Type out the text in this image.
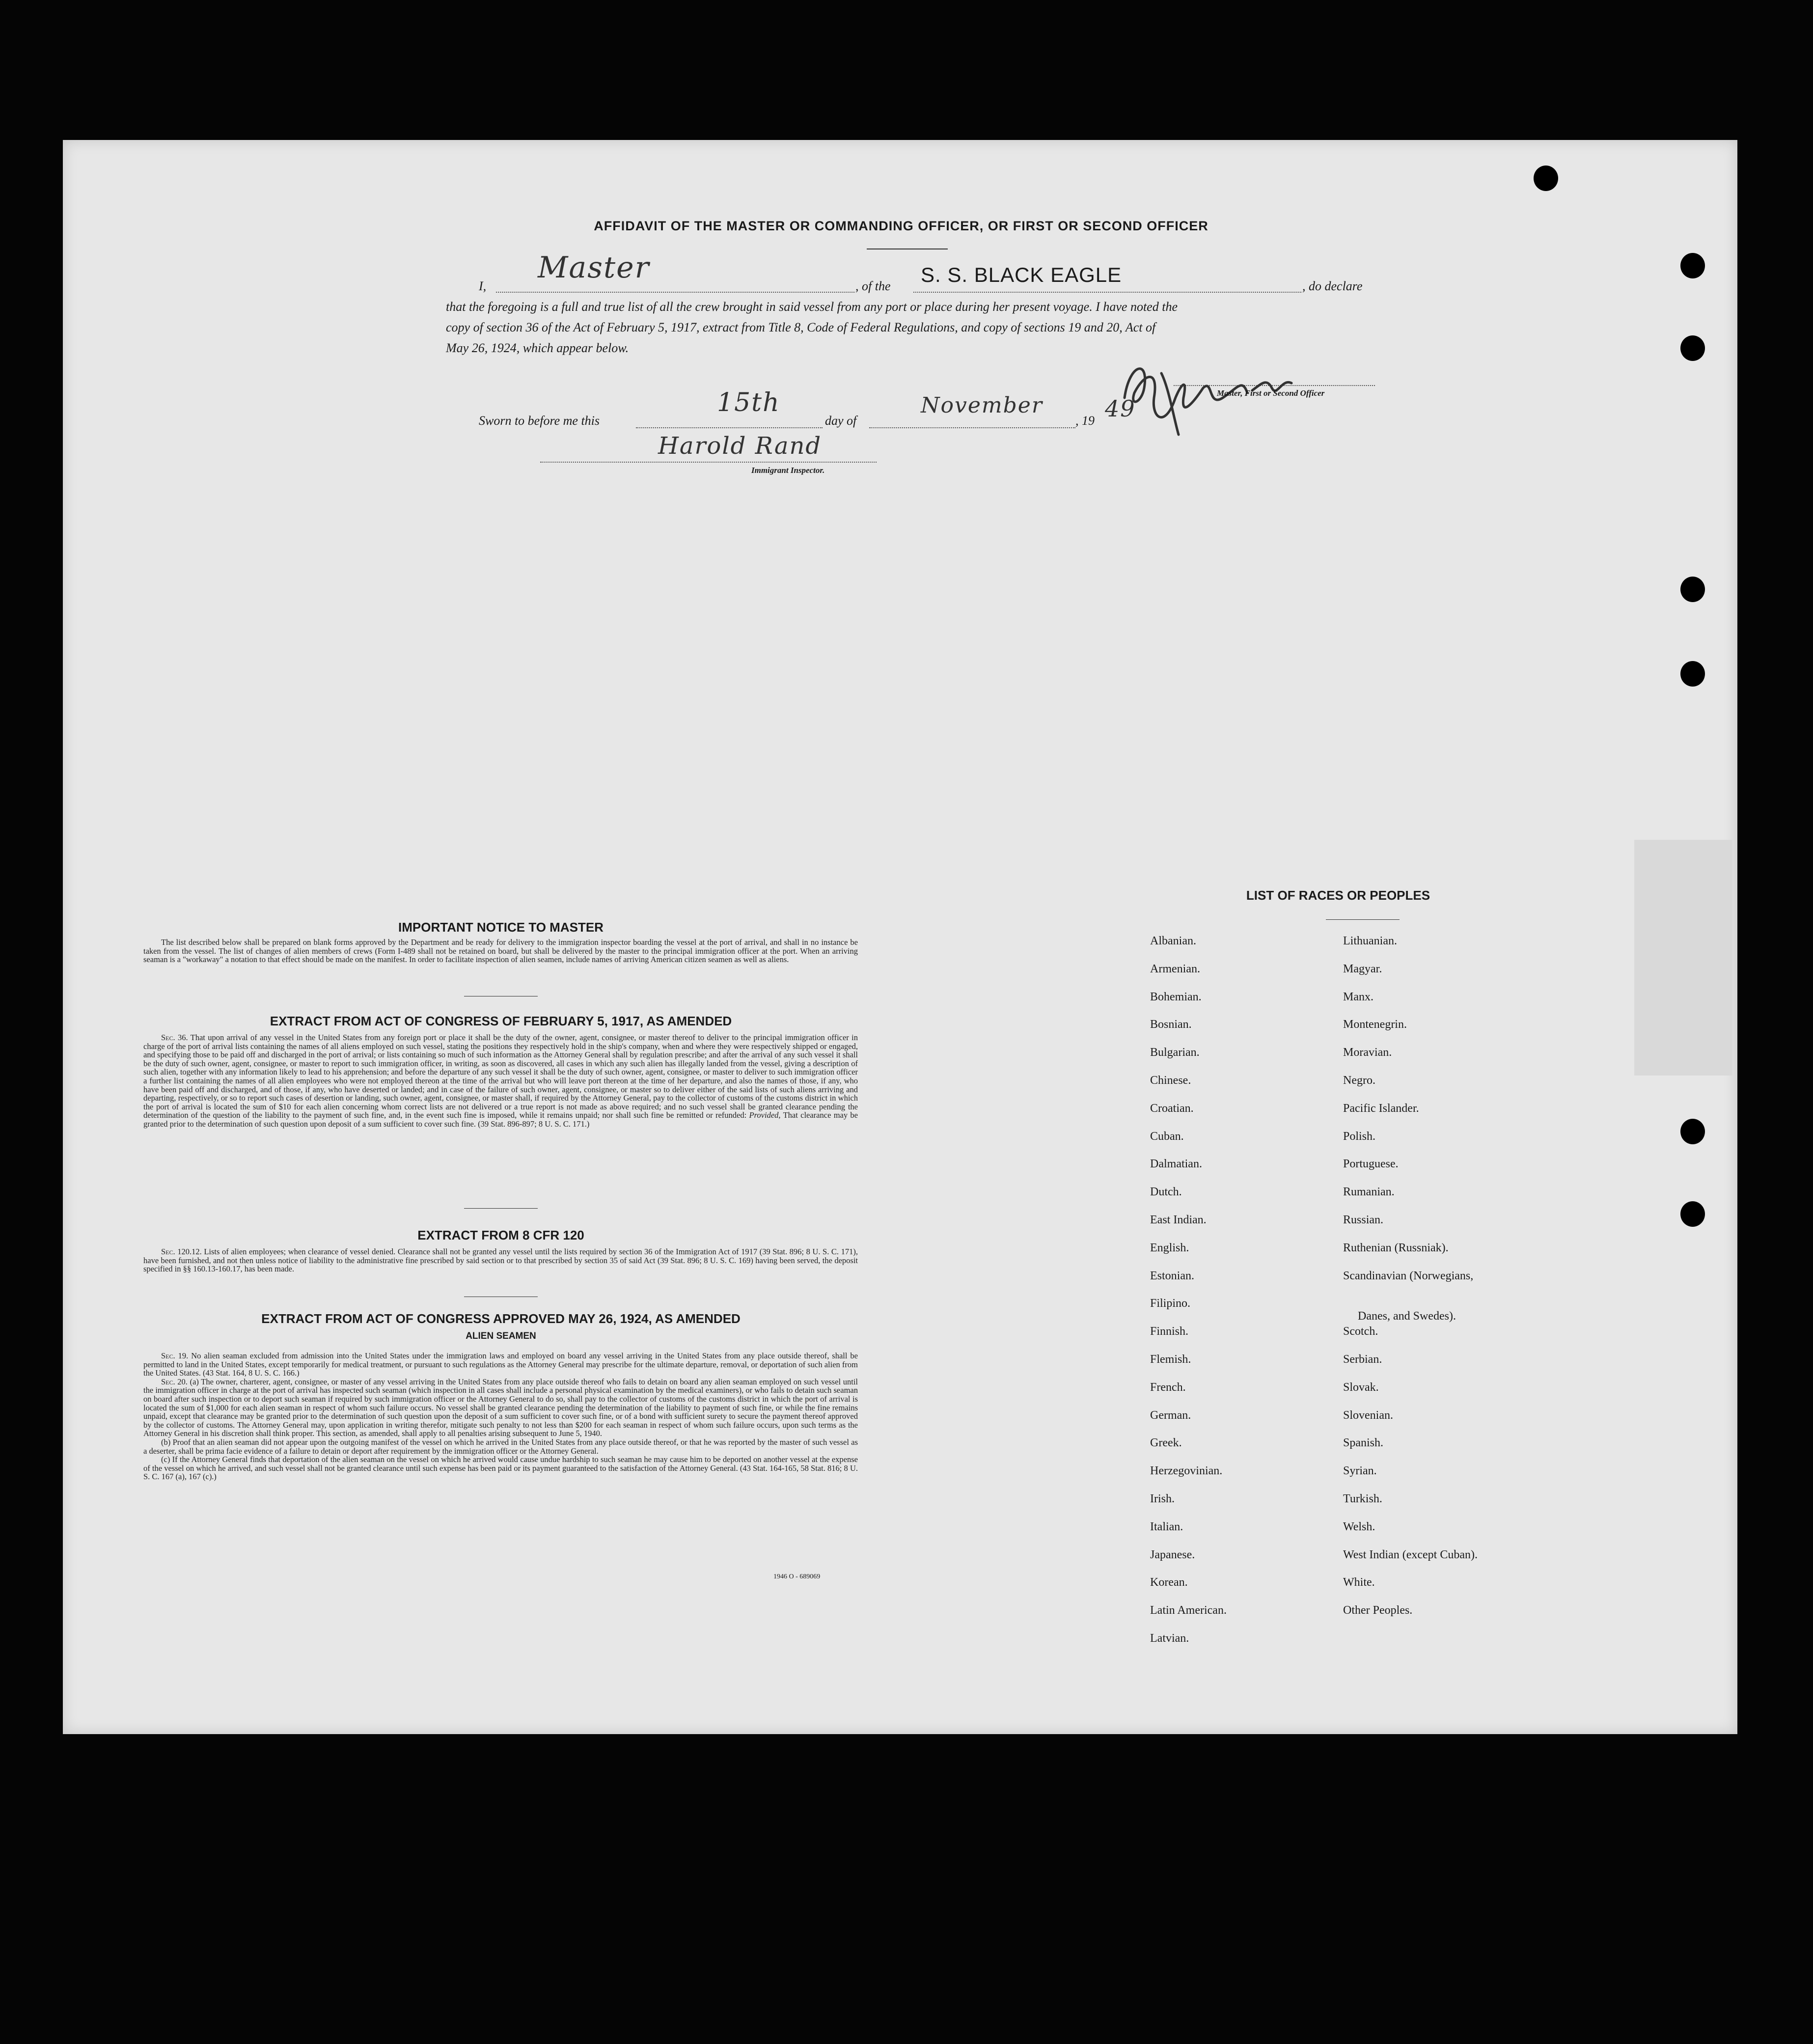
AFFIDAVIT OF THE MASTER OR COMMANDING OFFICER, OR FIRST OR SECOND OFFICER
I,
Master
, of the S. S. BLACK EAGLE	, do declare
that the foregoing is a full and true list of all the crew brought in said vessel from any port or place during her present voyage. I have noted the
copy of section 36 of the Act of February 5, 1917, extract from Title 8, Code of Federal Regulations, and copy of sections 19 and 20, Act of
May 26, 1924, which appear below.
Master, First or Second Officer
Sworn to before me this
15th
day of
November
, 19 49
Harold Rand
Immigrant Inspector.
IMPORTANT NOTICE TO MASTER

The list described below shall be prepared on blank forms approved by the Department and be ready for delivery to the immigration inspector boarding the vessel at the port of arrival, and shall in no instance be taken from the vessel. The list of changes of alien members of crews (Form I-489 shall not be retained on board, but shall be delivered by the master to the principal immigration officer at the port. When an arriving seaman is a "workaway" a notation to that effect should be made on the manifest. In order to facilitate inspection of alien seamen, include names of arriving American citizen seamen as well as aliens.

EXTRACT FROM ACT OF CONGRESS OF FEBRUARY 5, 1917, AS AMENDED

Sec. 36. That upon arrival of any vessel in the United States from any foreign port or place it shall be the duty of the owner, agent, consignee, or master thereof to deliver to the principal immigration officer in charge of the port of arrival lists containing the names of all aliens employed on such vessel, stating the positions they respectively hold in the ship's company, when and where they were respectively shipped or engaged, and specifying those to be paid off and discharged in the port of arrival; or lists containing so much of such information as the Attorney General shall by regulation prescribe; and after the arrival of any such vessel it shall be the duty of such owner, agent, consignee, or master to report to such immigration officer, in writing, as soon as discovered, all cases in which any such alien has illegally landed from the vessel, giving a description of such alien, together with any information likely to lead to his apprehension; and before the departure of any such vessel it shall be the duty of such owner, agent, consignee, or master to deliver to such immigration officer a further list containing the names of all alien employees who were not employed thereon at the time of the arrival but who will leave port thereon at the time of her departure, and also the names of those, if any, who have been paid off and discharged, and of those, if any, who have deserted or landed; and in case of the failure of such owner, agent, consignee, or master so to deliver either of the said lists of such aliens arriving and departing, respectively, or so to report such cases of desertion or landing, such owner, agent, consignee, or master shall, if required by the Attorney General, pay to the collector of customs of the customs district in which the port of arrival is located the sum of $10 for each alien concerning whom correct lists are not delivered or a true report is not made as above required; and no such vessel shall be granted clearance pending the determination of the question of the liability to the payment of such fine, and, in the event such fine is imposed, while it remains unpaid; nor shall such fine be remitted or refunded: Provided, That clearance may be granted prior to the determination of such question upon deposit of a sum sufficient to cover such fine. (39 Stat. 896-897; 8 U. S. C. 171.)

EXTRACT FROM 8 CFR 120

Sec. 120.12. Lists of alien employees; when clearance of vessel denied. Clearance shall not be granted any vessel until the lists required by section 36 of the Immigration Act of 1917 (39 Stat. 896; 8 U. S. C. 171), have been furnished, and not then unless notice of liability to the administrative fine prescribed by said section or to that prescribed by section 35 of said Act (39 Stat. 896; 8 U. S. C. 169) having been served, the deposit specified in §§ 160.13-160.17, has been made.

EXTRACT FROM ACT OF CONGRESS APPROVED MAY 26, 1924, AS AMENDED
ALIEN SEAMEN

Sec. 19. No alien seaman excluded from admission into the United States under the immigration laws and employed on board any vessel arriving in the United States from any place outside thereof, shall be permitted to land in the United States, except temporarily for medical treatment, or pursuant to such regulations as the Attorney General may prescribe for the ultimate departure, removal, or deportation of such alien from the United States. (43 Stat. 164, 8 U. S. C. 166.)

Sec. 20. (a) The owner, charterer, agent, consignee, or master of any vessel arriving in the United States from any place outside thereof who fails to detain on board any alien seaman employed on such vessel until the immigration officer in charge at the port of arrival has inspected such seaman (which inspection in all cases shall include a personal physical examination by the medical examiners), or who fails to detain such seaman on board after such inspection or to deport such seaman if required by such immigration officer or the Attorney General to do so, shall pay to the collector of customs of the customs district in which the port of arrival is located the sum of $1,000 for each alien seaman in respect of whom such failure occurs. No vessel shall be granted clearance pending the determination of the liability to payment of such fine, or while the fine remains unpaid, except that clearance may be granted prior to the determination of such question upon the deposit of a sum sufficient to cover such fine, or of a bond with sufficient surety to secure the payment thereof approved by the collector of customs. The Attorney General may, upon application in writing therefor, mitigate such penalty to not less than $200 for each seaman in respect of whom such failure occurs, upon such terms as the Attorney General in his discretion shall think proper. This section, as amended, shall apply to all penalties arising subsequent to June 5, 1940.

(b) Proof that an alien seaman did not appear upon the outgoing manifest of the vessel on which he arrived in the United States from any place outside thereof, or that he was reported by the master of such vessel as a deserter, shall be prima facie evidence of a failure to detain or deport after requirement by the immigration officer or the Attorney General.

(c) If the Attorney General finds that deportation of the alien seaman on the vessel on which he arrived would cause undue hardship to such seaman he may cause him to be deported on another vessel at the expense of the vessel on which he arrived, and such vessel shall not be granted clearance until such expense has been paid or its payment guaranteed to the satisfaction of the Attorney General. (43 Stat. 164-165, 58 Stat. 816; 8 U. S. C. 167 (a), 167 (c).)

1946 O - 689069
LIST OF RACES OR PEOPLES
Albanian.
Armenian.
Bohemian.
Bosnian.
Bulgarian.
Chinese.
Croatian.
Cuban.
Dalmatian.
Dutch.
East Indian.
English.
Estonian.
Filipino.
Finnish.
Flemish.
French.
German.
Greek.
Herzegovinian.
Irish.
Italian.
Japanese.
Korean.
Latin American.
Latvian.
Lithuanian.
Magyar.
Manx.
Montenegrin.
Moravian.
Negro.
Pacific Islander.
Polish.
Portuguese.
Rumanian.
Russian.
Ruthenian (Russniak).
Scandinavian (Norwegians,
Danes, and Swedes).
Scotch.
Serbian.
Slovak.
Slovenian.
Spanish.
Syrian.
Turkish.
Welsh.
West Indian (except Cuban).
White.
Other Peoples.
